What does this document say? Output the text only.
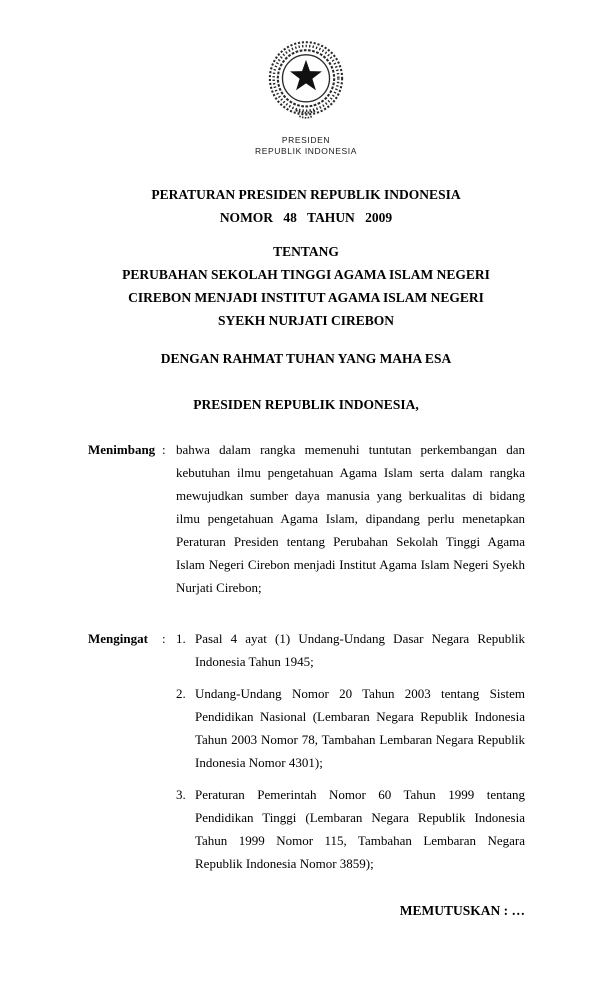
PRESIDEN
REPUBLIK INDONESIA
PERATURAN PRESIDEN REPUBLIK INDONESIA
NOMOR 48 TAHUN 2009
TENTANG
PERUBAHAN SEKOLAH TINGGI AGAMA ISLAM NEGERI
CIREBON MENJADI INSTITUT AGAMA ISLAM NEGERI
SYEKH NURJATI CIREBON
DENGAN RAHMAT TUHAN YANG MAHA ESA
PRESIDEN REPUBLIK INDONESIA,
Menimbang : bahwa dalam rangka memenuhi tuntutan perkembangan dan kebutuhan ilmu pengetahuan Agama Islam serta dalam rangka mewujudkan sumber daya manusia yang berkualitas di bidang ilmu pengetahuan Agama Islam, dipandang perlu menetapkan Peraturan Presiden tentang Perubahan Sekolah Tinggi Agama Islam Negeri Cirebon menjadi Institut Agama Islam Negeri Syekh Nurjati Cirebon;
Mengingat	: 1. Pasal 4 ayat (1) Undang-Undang Dasar Negara Republik Indonesia Tahun 1945;
2. Undang-Undang Nomor 20 Tahun 2003 tentang Sistem Pendidikan Nasional (Lembaran Negara Republik Indonesia Tahun 2003 Nomor 78, Tambahan Lembaran Negara Republik Indonesia Nomor 4301);
3. Peraturan Pemerintah Nomor 60 Tahun 1999 tentang Pendidikan Tinggi (Lembaran Negara Republik Indonesia Tahun 1999 Nomor 115, Tambahan Lembaran Negara Republik Indonesia Nomor 3859);
MEMUTUSKAN : …
